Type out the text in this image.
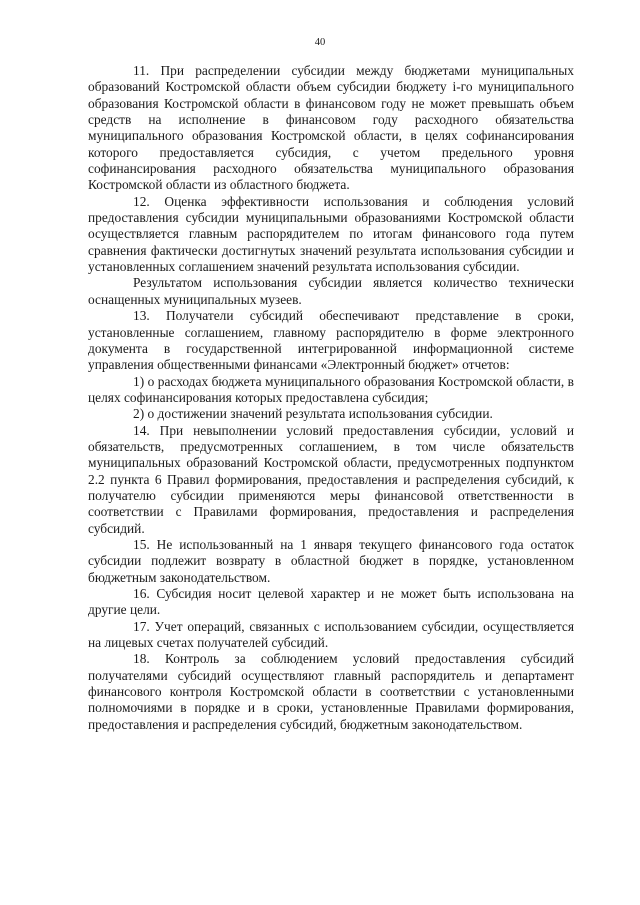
40

11. При распределении субсидии между бюджетами муниципальных образований Костромской области объем субсидии бюджету i-го муниципального образования Костромской области в финансовом году не может превышать объем средств на исполнение в финансовом году расходного обязательства муниципального образования Костромской области, в целях софинансирования которого предоставляется субсидия, с учетом предельного уровня софинансирования расходного обязательства муниципального образования Костромской области из областного бюджета.

12. Оценка эффективности использования и соблюдения условий предоставления субсидии муниципальными образованиями Костромской области осуществляется главным распорядителем по итогам финансового года путем сравнения фактически достигнутых значений результата использования субсидии и установленных соглашением значений результата использования субсидии.

Результатом использования субсидии является количество технически оснащенных муниципальных музеев.

13. Получатели субсидий обеспечивают представление в сроки, установленные соглашением, главному распорядителю в форме электронного документа в государственной интегрированной информационной системе управления общественными финансами «Электронный бюджет» отчетов:

1) о расходах бюджета муниципального образования Костромской области, в целях софинансирования которых предоставлена субсидия;

2) о достижении значений результата использования субсидии.

14. При невыполнении условий предоставления субсидии, условий и обязательств, предусмотренных соглашением, в том числе обязательств муниципальных образований Костромской области, предусмотренных подпунктом 2.2 пункта 6 Правил формирования, предоставления и распределения субсидий, к получателю субсидии применяются меры финансовой ответственности в соответствии с Правилами формирования, предоставления и распределения субсидий.

15. Не использованный на 1 января текущего финансового года остаток субсидии подлежит возврату в областной бюджет в порядке, установленном бюджетным законодательством.

16. Субсидия носит целевой характер и не может быть использована на другие цели.

17. Учет операций, связанных с использованием субсидии, осуществляется на лицевых счетах получателей субсидий.

18. Контроль за соблюдением условий предоставления субсидий получателями субсидий осуществляют главный распорядитель и департамент финансового контроля Костромской области в соответствии с установленными полномочиями в порядке и в сроки, установленные Правилами формирования, предоставления и распределения субсидий, бюджетным законодательством.
